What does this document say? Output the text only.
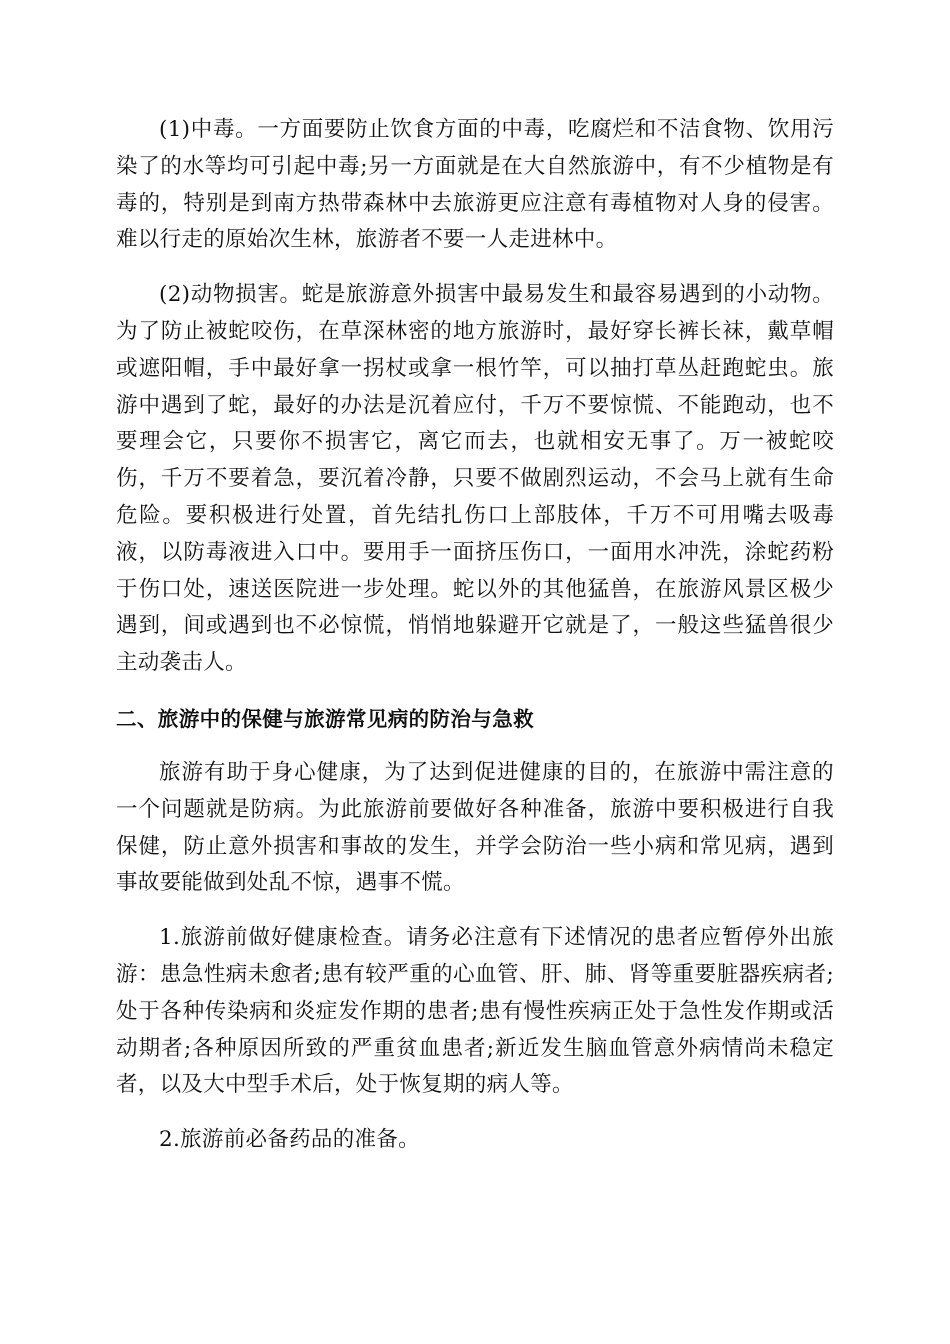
(1)中毒。一方面要防止饮食方面的中毒，吃腐烂和不洁食物、饮用污染了的水等均可引起中毒;另一方面就是在大自然旅游中，有不少植物是有毒的，特别是到南方热带森林中去旅游更应注意有毒植物对人身的侵害。难以行走的原始次生林，旅游者不要一人走进林中。

(2)动物损害。蛇是旅游意外损害中最易发生和最容易遇到的小动物。为了防止被蛇咬伤，在草深林密的地方旅游时，最好穿长裤长袜，戴草帽或遮阳帽，手中最好拿一拐杖或拿一根竹竿，可以抽打草丛赶跑蛇虫。旅游中遇到了蛇，最好的办法是沉着应付，千万不要惊慌、不能跑动，也不要理会它，只要你不损害它，离它而去，也就相安无事了。万一被蛇咬伤，千万不要着急，要沉着冷静，只要不做剧烈运动，不会马上就有生命危险。要积极进行处置，首先结扎伤口上部肢体，千万不可用嘴去吸毒液，以防毒液进入口中。要用手一面挤压伤口，一面用水冲洗，涂蛇药粉于伤口处，速送医院进一步处理。蛇以外的其他猛兽，在旅游风景区极少遇到，间或遇到也不必惊慌，悄悄地躲避开它就是了，一般这些猛兽很少主动袭击人。

二、旅游中的保健与旅游常见病的防治与急救

旅游有助于身心健康，为了达到促进健康的目的，在旅游中需注意的一个问题就是防病。为此旅游前要做好各种准备，旅游中要积极进行自我保健，防止意外损害和事故的发生，并学会防治一些小病和常见病，遇到事故要能做到处乱不惊，遇事不慌。

1.旅游前做好健康检查。请务必注意有下述情况的患者应暂停外出旅游：患急性病未愈者;患有较严重的心血管、肝、肺、肾等重要脏器疾病者;处于各种传染病和炎症发作期的患者;患有慢性疾病正处于急性发作期或活动期者;各种原因所致的严重贫血患者;新近发生脑血管意外病情尚未稳定者，以及大中型手术后，处于恢复期的病人等。

2.旅游前必备药品的准备。
